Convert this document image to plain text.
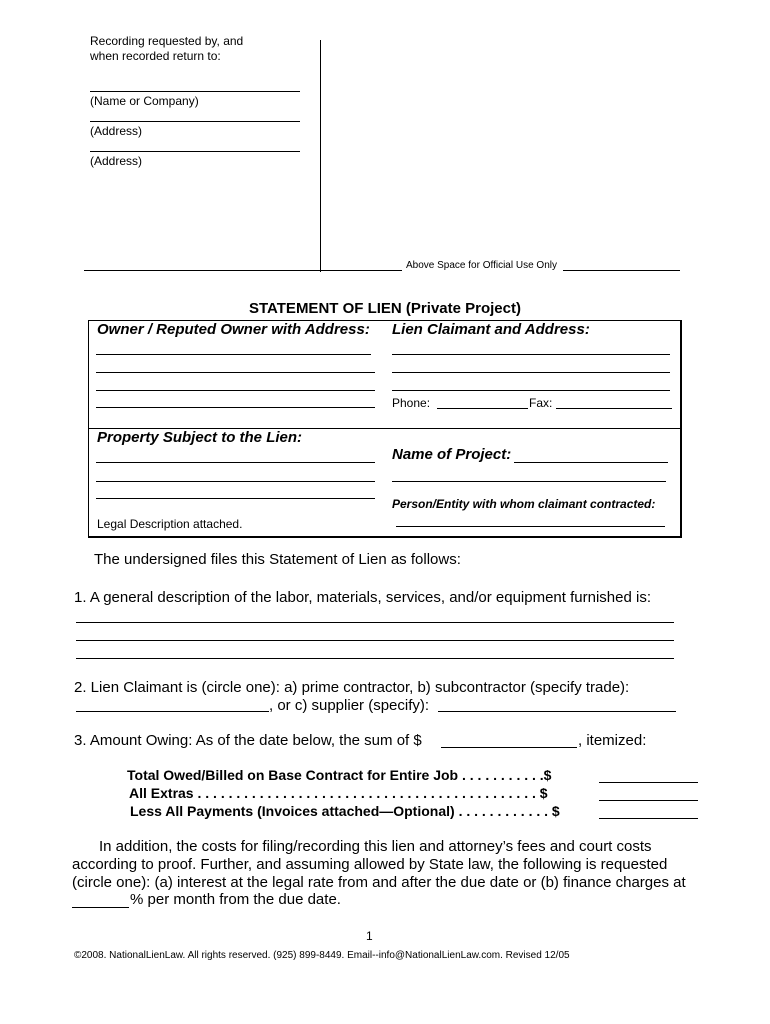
Recording requested by, and
when recorded return to:
(Name or Company)
(Address)
(Address)
Above Space for Official Use Only
STATEMENT OF LIEN (Private Project)
Owner / Reputed Owner with Address: Lien Claimant and Address:
Phone:	Fax:
Property Subject to the Lien:
Legal Description attached.
Name of Project:
Person/Entity with whom claimant contracted:
The undersigned files this Statement of Lien as follows:
1. A general description of the labor, materials, services, and/or equipment furnished is:
2. Lien Claimant is (circle one): a) prime contractor, b) subcontractor (specify trade):
, or c) supplier (specify):
3. Amount Owing: As of the date below, the sum of $	, itemized:
Total Owed/Billed on Base Contract for Entire Job . . . . . . . . . . .$
All Extras . . . . . . . . . . . . . . . . . . . . . . . . . . . . . . . . . . . . . . . . . . . . $
Less All Payments (Invoices attached—Optional) . . . . . . . . . . . . $
In addition, the costs for filing/recording this lien and attorney’s fees and court costs
according to proof. Further, and assuming allowed by State law, the following is requested
(circle one): (a) interest at the legal rate from and after the due date or (b) finance charges at
% per month from the due date.
1
©2008. NationalLienLaw. All rights reserved. (925) 899-8449. Email--info@NationalLienLaw.com. Revised 12/05
